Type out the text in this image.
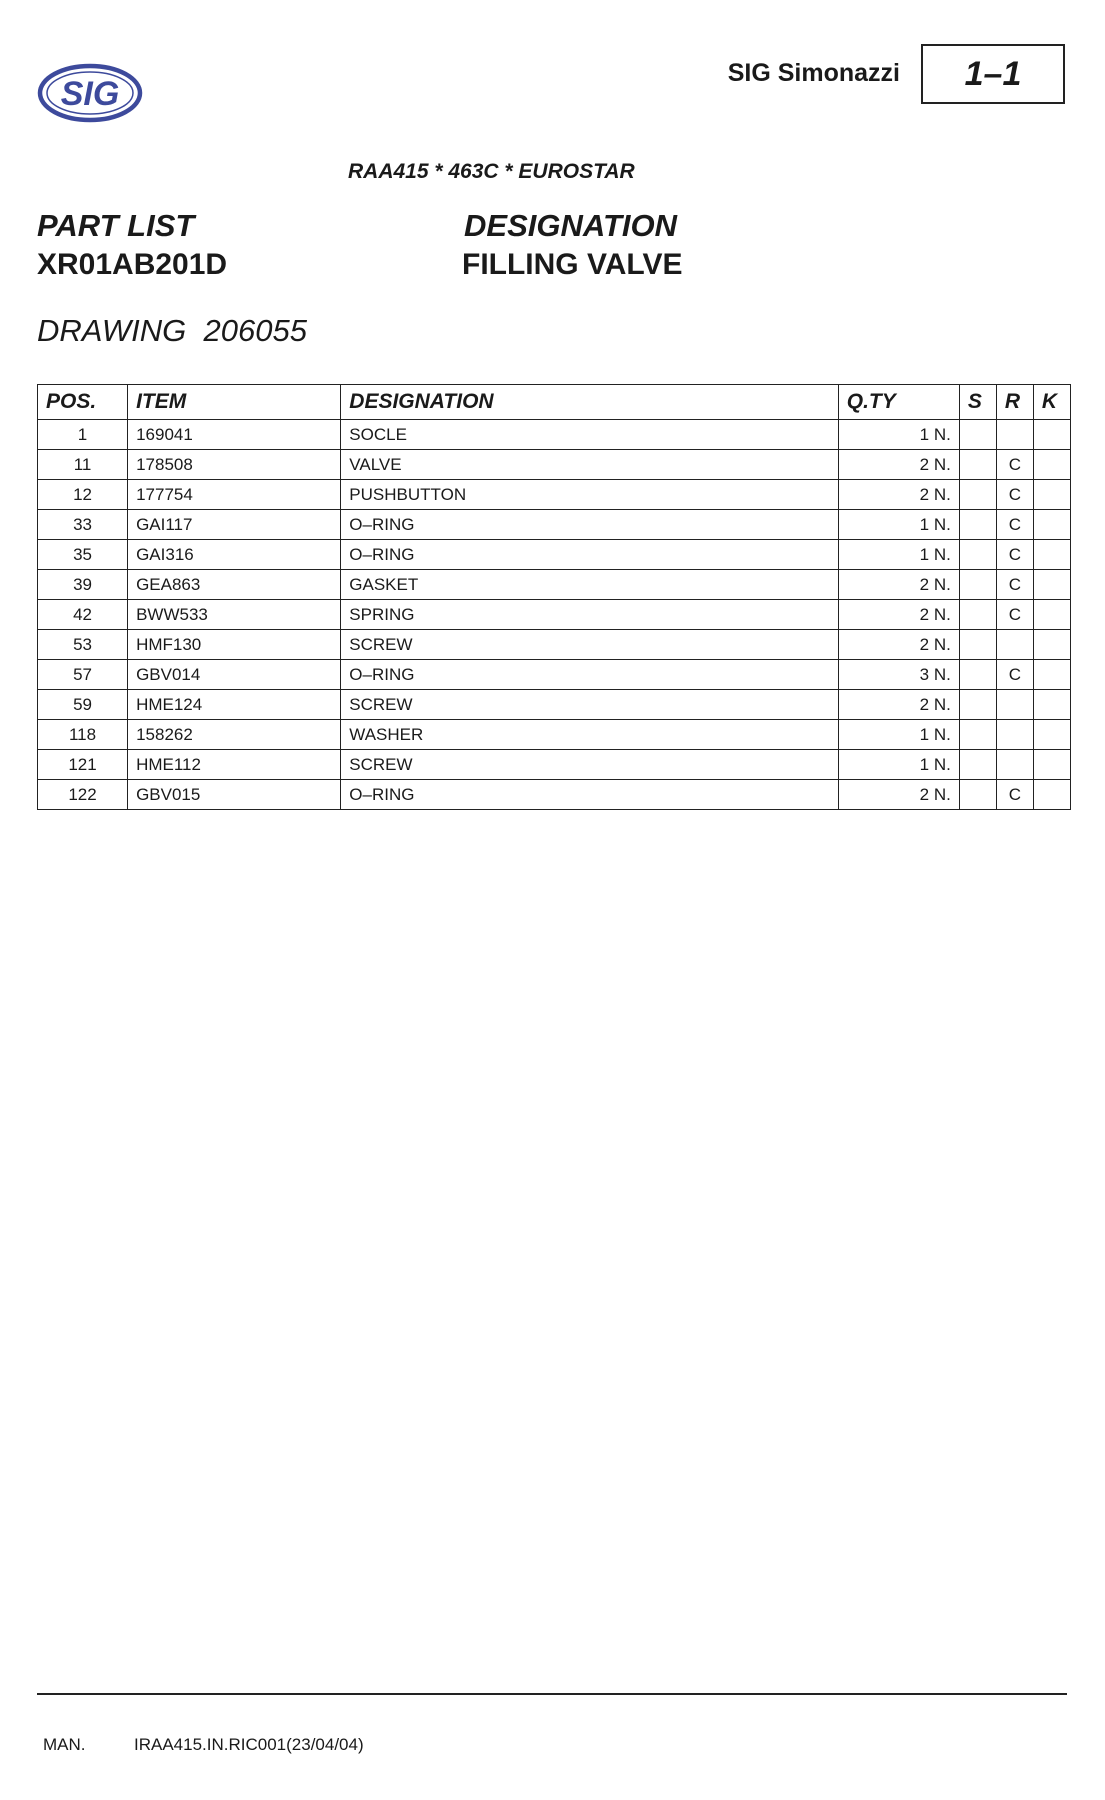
SIG
SIG Simonazzi 1–1
RAA415 * 463C * EUROSTAR
PART LIST
XR01AB201D
DESIGNATION
FILLING VALVE
DRAWING  206055
POS.	ITEM	DESIGNATION	Q.TY	S	R	K
1	169041	SOCLE	1 N.			
11	178508	VALVE	2 N.		C	
12	177754	PUSHBUTTON	2 N.		C	
33	GAI117	O–RING	1 N.		C	
35	GAI316	O–RING	1 N.		C	
39	GEA863	GASKET	2 N.		C	
42	BWW533	SPRING	2 N.		C	
53	HMF130	SCREW	2 N.			
57	GBV014	O–RING	3 N.		C	
59	HME124	SCREW	2 N.			
118	158262	WASHER	1 N.			
121	HME112	SCREW	1 N.			
122	GBV015	O–RING	2 N.		C	
MAN.	IRAA415.IN.RIC001(23/04/04)
